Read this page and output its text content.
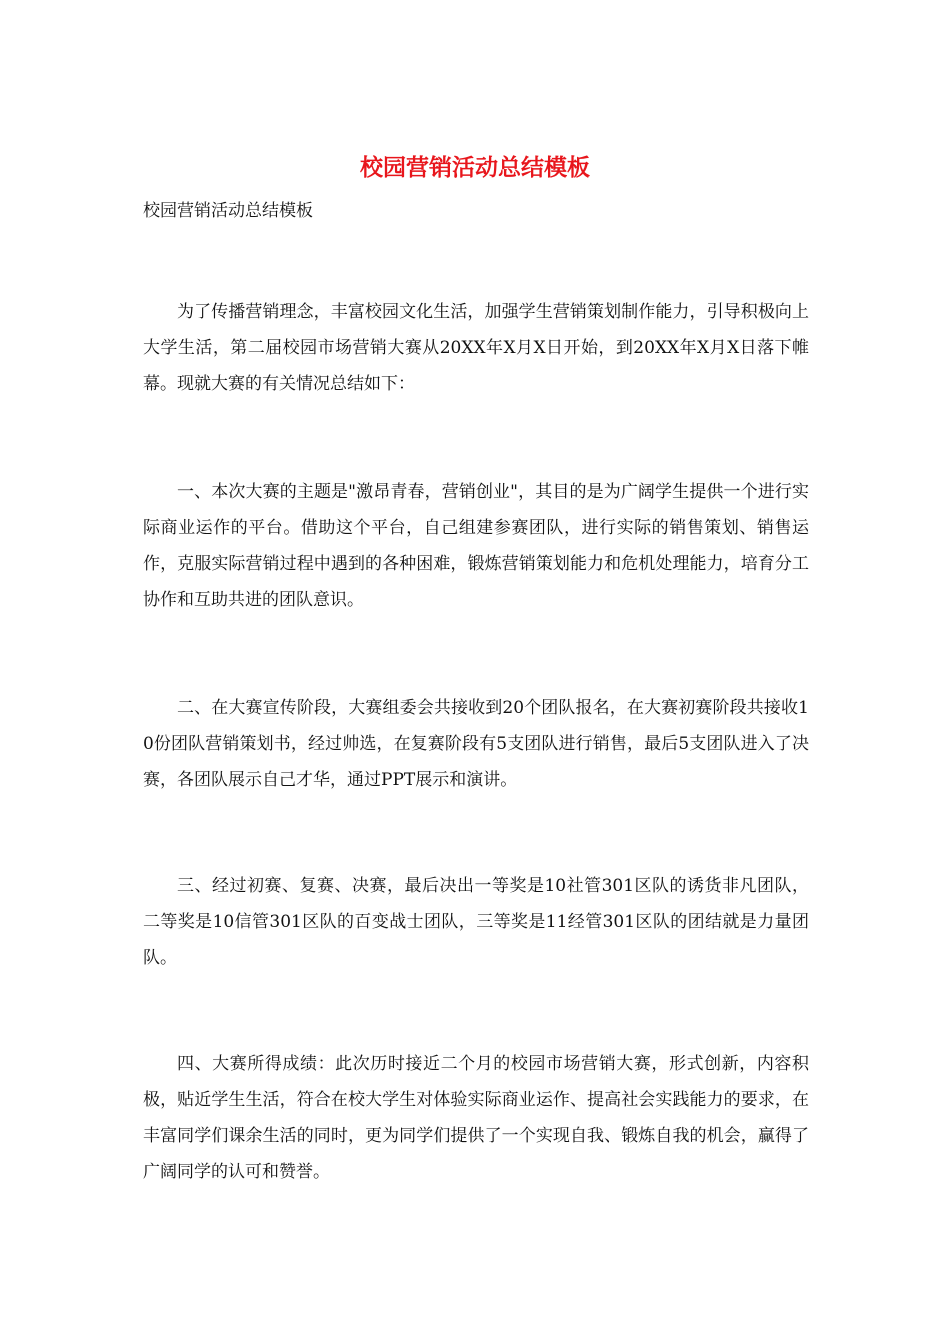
校园营销活动总结模板

校园营销活动总结模板

为了传播营销理念，丰富校园文化生活，加强学生营销策划制作能力，引导积极向上大学生活，第二届校园市场营销大赛从20XX年X月X日开始，到20XX年X月X日落下帷幕。现就大赛的有关情况总结如下：

一、本次大赛的主题是"激昂青春，营销创业"，其目的是为广阔学生提供一个进行实际商业运作的平台。借助这个平台，自己组建参赛团队，进行实际的销售策划、销售运作，克服实际营销过程中遇到的各种困难，锻炼营销策划能力和危机处理能力，培育分工协作和互助共进的团队意识。

二、在大赛宣传阶段，大赛组委会共接收到20个团队报名，在大赛初赛阶段共接收10份团队营销策划书，经过帅选，在复赛阶段有5支团队进行销售，最后5支团队进入了决赛，各团队展示自己才华，通过PPT展示和演讲。

三、经过初赛、复赛、决赛，最后决出一等奖是10社管301区队的诱货非凡团队，二等奖是10信管301区队的百变战士团队，三等奖是11经管301区队的团结就是力量团队。

四、大赛所得成绩：此次历时接近二个月的校园市场营销大赛，形式创新，内容积极，贴近学生生活，符合在校大学生对体验实际商业运作、提高社会实践能力的要求，在丰富同学们课余生活的同时，更为同学们提供了一个实现自我、锻炼自我的机会，赢得了广阔同学的认可和赞誉。
